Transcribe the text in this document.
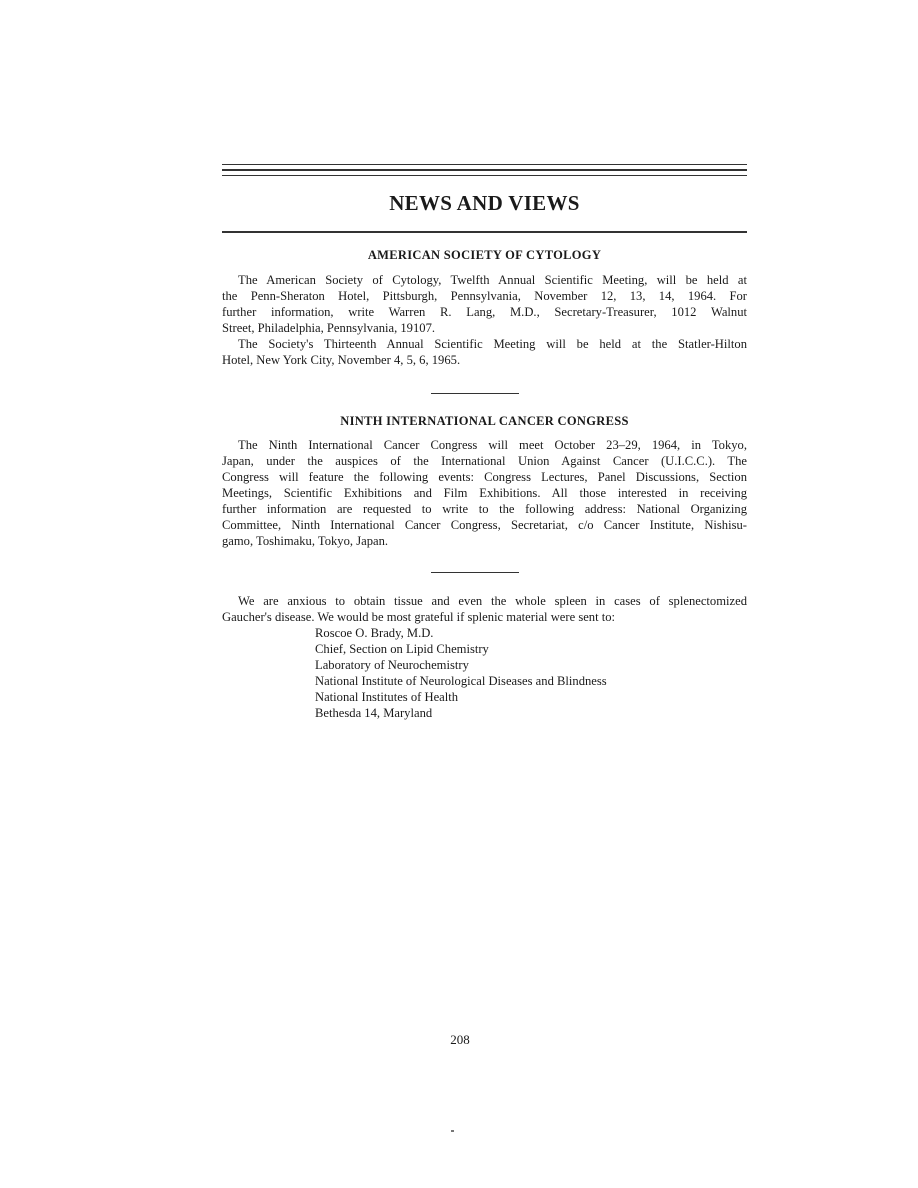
NEWS AND VIEWS
AMERICAN SOCIETY OF CYTOLOGY
The American Society of Cytology, Twelfth Annual Scientific Meeting, will be held at
the Penn-Sheraton Hotel, Pittsburgh, Pennsylvania, November 12, 13, 14, 1964. For
further information, write Warren R. Lang, M.D., Secretary-Treasurer, 1012 Walnut
Street, Philadelphia, Pennsylvania, 19107.
The Society's Thirteenth Annual Scientific Meeting will be held at the Statler-Hilton
Hotel, New York City, November 4, 5, 6, 1965.
NINTH INTERNATIONAL CANCER CONGRESS
The Ninth International Cancer Congress will meet October 23–29, 1964, in Tokyo,
Japan, under the auspices of the International Union Against Cancer (U.I.C.C.). The
Congress will feature the following events: Congress Lectures, Panel Discussions, Section
Meetings, Scientific Exhibitions and Film Exhibitions. All those interested in receiving
further information are requested to write to the following address: National Organizing
Committee, Ninth International Cancer Congress, Secretariat, c/o Cancer Institute, Nishisu-
gamo, Toshimaku, Tokyo, Japan.
We are anxious to obtain tissue and even the whole spleen in cases of splenectomized
Gaucher's disease. We would be most grateful if splenic material were sent to:
Roscoe O. Brady, M.D.
Chief, Section on Lipid Chemistry
Laboratory of Neurochemistry
National Institute of Neurological Diseases and Blindness
National Institutes of Health
Bethesda 14, Maryland
208
